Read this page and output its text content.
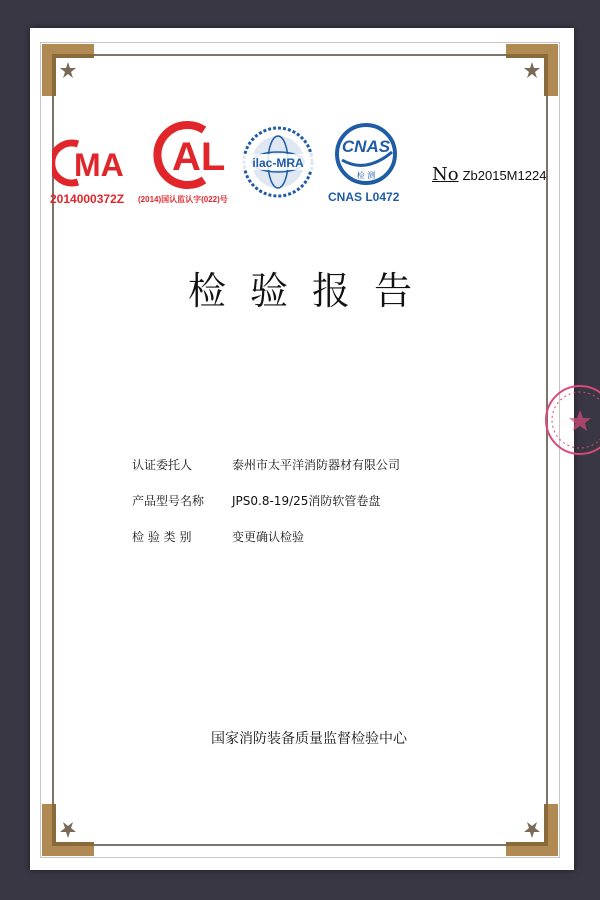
MA
2014000372Z
AL
(2014)国认监认字(022)号
ilac-MRA
CNAS
检 测
CNAS L0472
No Zb2015M1224
检验报告
认证委托人	泰州市太平洋消防器材有限公司
产品型号名称 JPS0.8-19/25消防软管卷盘
检 验 类 别	变更确认检验
国家消防装备质量监督检验中心
